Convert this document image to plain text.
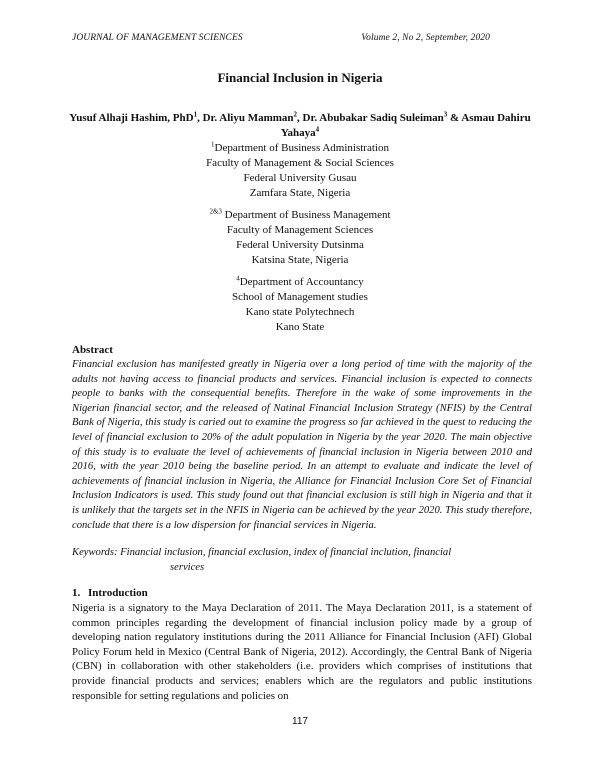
JOURNAL OF MANAGEMENT SCIENCES	Volume 2, No 2, September, 2020
Financial Inclusion in Nigeria
Yusuf Alhaji Hashim, PhD$^1$, Dr. Aliyu Mamman$^2$, Dr. Abubakar Sadiq Suleiman$^3$ & Asmau Dahiru Yahaya$^4$
$^1$Department of Business Administration
Faculty of Management & Social Sciences
Federal University Gusau
Zamfara State, Nigeria
$^{2\&3}$ Department of Business Management
Faculty of Management Sciences
Federal University Dutsinma
Katsina State, Nigeria
$^4$Department of Accountancy
School of Management studies
Kano state Polytechnech
Kano State
Abstract
Financial exclusion has manifested greatly in Nigeria over a long period of time with the majority of the adults not having access to financial products and services. Financial inclusion is expected to connects people to banks with the consequential benefits. Therefore in the wake of some improvements in the Nigerian financial sector, and the released of Natinal Financial Inclusion Strategy (NFIS) by the Central Bank of Nigeria, this study is caried out to examine the progress so far achieved in the quest to reducing the level of financial exclusion to 20% of the adult population in Nigeria by the year 2020. The main objective of this study is to evaluate the level of achievements of financial inclusion in Nigeria between 2010 and 2016, with the year 2010 being the baseline period. In an attempt to evaluate and indicate the level of achievements of financial inclusion in Nigeria, the Alliance for Financial Inclusion Core Set of Financial Inclusion Indicators is used. This study found out that financial exclusion is still high in Nigeria and that it is unlikely that the targets set in the NFIS in Nigeria can be achieved by the year 2020. This study therefore, conclude that there is a low dispersion for financial services in Nigeria.
Keywords: Financial inclusion, financial exclusion, index of financial inclution, financial
services
1. Introduction
Nigeria is a signatory to the Maya Declaration of 2011. The Maya Declaration 2011, is a statement of common principles regarding the development of financial inclusion policy made by a group of developing nation regulatory institutions during the 2011 Alliance for Financial Inclusion (AFI) Global Policy Forum held in Mexico (Central Bank of Nigeria, 2012). Accordingly, the Central Bank of Nigeria (CBN) in collaboration with other stakeholders (i.e. providers which comprises of institutions that provide financial products and services; enablers which are the regulators and public institutions responsible for setting regulations and policies on
117
